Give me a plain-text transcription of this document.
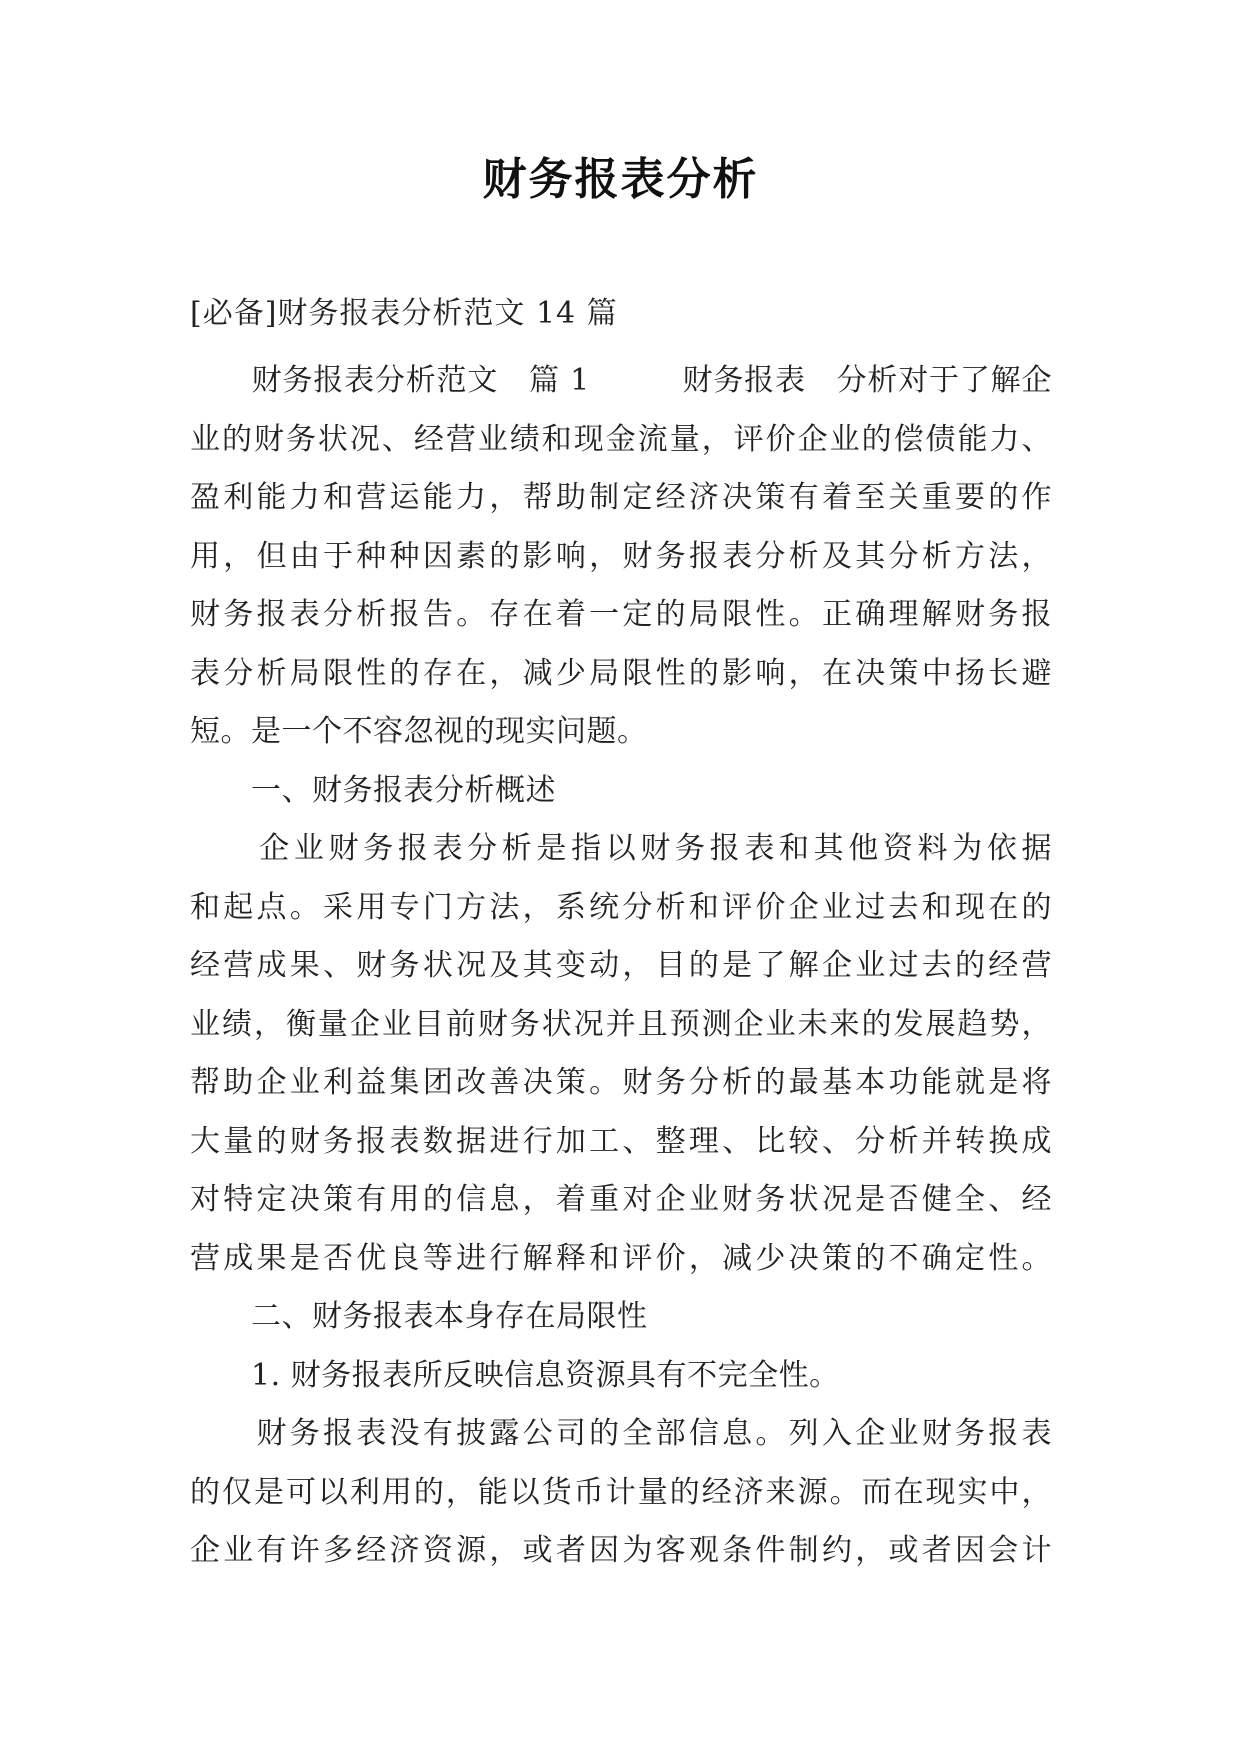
财务报表分析
[必备]财务报表分析范文 14 篇
　　财务报表分析范文　篇 1　　　财务报表　分析对于了解企
业的财务状况、经营业绩和现金流量，评价企业的偿债能力、
盈利能力和营运能力，帮助制定经济决策有着至关重要的作
用，但由于种种因素的影响，财务报表分析及其分析方法，
财务报表分析报告。存在着一定的局限性。正确理解财务报
表分析局限性的存在，减少局限性的影响，在决策中扬长避
短。是一个不容忽视的现实问题。
　　一、财务报表分析概述
　　企业财务报表分析是指以财务报表和其他资料为依据
和起点。采用专门方法，系统分析和评价企业过去和现在的
经营成果、财务状况及其变动，目的是了解企业过去的经营
业绩，衡量企业目前财务状况并且预测企业未来的发展趋势，
帮助企业利益集团改善决策。财务分析的最基本功能就是将
大量的财务报表数据进行加工、整理、比较、分析并转换成
对特定决策有用的信息，着重对企业财务状况是否健全、经
营成果是否优良等进行解释和评价，减少决策的不确定性。
　　二、财务报表本身存在局限性
　　1. 财务报表所反映信息资源具有不完全性。
　　财务报表没有披露公司的全部信息。列入企业财务报表
的仅是可以利用的，能以货币计量的经济来源。而在现实中，
企业有许多经济资源，或者因为客观条件制约，或者因会计
